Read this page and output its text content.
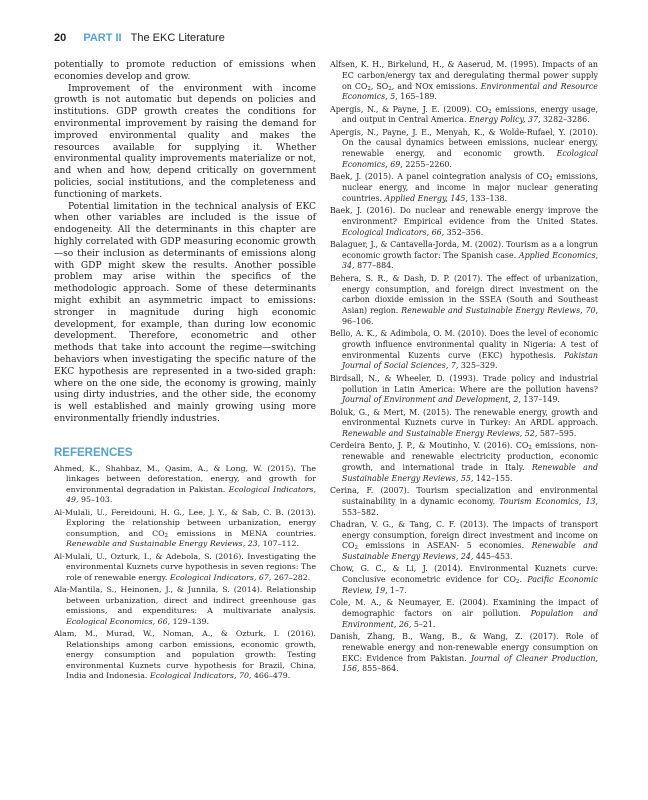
20 PART II The EKC Literature

potentially to promote reduction of emissions when economies develop and grow.

Improvement of the environment with income growth is not automatic but depends on policies and institutions. GDP growth creates the conditions for environmental improvement by raising the demand for improved environmental quality and makes the resources available for supplying it. Whether environmental quality improvements materialize or not, and when and how, depend critically on government policies, social institutions, and the completeness and functioning of markets.

Potential limitation in the technical analysis of EKC when other variables are included is the issue of endogeneity. All the determinants in this chapter are highly correlated with GDP measuring economic growth—so their inclusion as determinants of emissions along with GDP might skew the results. Another possible problem may arise within the specifics of the methodologic approach. Some of these determinants might exhibit an asymmetric impact to emissions: stronger in magnitude during high economic development, for example, than during low economic development. Therefore, econometric and other methods that take into account the regime—switching behaviors when investigating the specific nature of the EKC hypothesis are represented in a two-sided graph: where on the one side, the economy is growing, mainly using dirty industries, and the other side, the economy is well established and mainly growing using more environmentally friendly industries.

REFERENCES
Ahmed, K., Shahbaz, M., Qasim, A., & Long, W. (2015). The linkages between deforestation, energy, and growth for environmental degradation in Pakistan. Ecological Indicators, 49, 95–103.
Al-Mulali, U., Fereidouni, H. G., Lee, J. Y., & Sab, C. B. (2013). Exploring the relationship between urbanization, energy consumption, and $CO_2$ emissions in MENA countries. Renewable and Sustainable Energy Reviews, 23, 107–112.
Al-Mulali, U., Ozturk, I., & Adebola, S. (2016). Investigating the environmental Kuznets curve hypothesis in seven regions: The role of renewable energy. Ecological Indicators, 67, 267–282.
Ala-Mantila, S., Heinonen, J., & Junnila, S. (2014). Relationship between urbanization, direct and indirect greenhouse gas emissions, and expenditures: A multivariate analysis. Ecological Economics, 66, 129–139.
Alam, M., Murad, W., Noman, A., & Ozturk, I. (2016). Relationships among carbon emissions, economic growth, energy consumption and population growth: Testing environmental Kuznets curve hypothesis for Brazil, China, India and Indonesia. Ecological Indicators, 70, 466–479.
Alfsen, K. H., Birkelund, H., & Aaserud, M. (1995). Impacts of an EC carbon/energy tax and deregulating thermal power supply on $CO_2$, $SO_2$, and NOx emissions. Environmental and Resource Economics, 5, 165–189.
Apergis, N., & Payne, J. E. (2009). $CO_2$ emissions, energy usage, and output in Central America. Energy Policy, 37, 3282–3286.
Apergis, N., Payne, J. E., Menyah, K., & Wolde-Rufael, Y. (2010). On the causal dynamics between emissions, nuclear energy, renewable energy, and economic growth. Ecological Economics, 69, 2255–2260.
Baek, J. (2015). A panel cointegration analysis of $CO_2$ emissions, nuclear energy, and income in major nuclear generating countries. Applied Energy, 145, 133–138.
Baek, J. (2016). Do nuclear and renewable energy improve the environment? Empirical evidence from the United States. Ecological Indicators, 66, 352–356.
Balaguer, J., & Cantavella-Jorda, M. (2002). Tourism as a a longrun economic growth factor: The Spanish case. Applied Economics, 34, 877–884.
Behera, S. R., & Dash, D. P. (2017). The effect of urbanization, energy consumption, and foreign direct investment on the carbon dioxide emission in the SSEA (South and Southeast Asian) region. Renewable and Sustainable Energy Reviews, 70, 96–106.
Bello, A. K., & Adimbola, O. M. (2010). Does the level of economic growth influence environmental quality in Nigeria: A test of environmental Kuzents curve (EKC) hypothesis. Pakistan Journal of Social Sciences, 7, 325–329.
Birdsall, N., & Wheeler, D. (1993). Trade policy and industrial pollution in Latin America: Where are the pollution havens? Journal of Environment and Development, 2, 137–149.
Boluk, G., & Mert, M. (2015). The renewable energy, growth and environmental Kuznets curve in Turkey: An ARDL approach. Renewable and Sustainable Energy Reviews, 52, 587–595.
Cerdeira Bento, J. P., & Moutinho, V. (2016). $CO_2$ emissions, non-renewable and renewable electricity production, economic growth, and international trade in Italy. Renewable and Sustainable Energy Reviews, 55, 142–155.
Cerina, F. (2007). Tourism specialization and environmental sustainability in a dynamic economy. Tourism Economics, 13, 553–582.
Chadran, V. G., & Tang, C. F. (2013). The impacts of transport energy consumption, foreign direct investment and income on $CO_2$ emissions in ASEAN- 5 economies. Renewable and Sustainable Energy Reviews, 24, 445–453.
Chow, G. C., & Li, J. (2014). Environmental Kuznets curve: Conclusive econometric evidence for $CO_2$. Pacific Economic Review, 19, 1–7.
Cole, M. A., & Neumayer, E. (2004). Examining the impact of demographic factors on air pollution. Population and Environment, 26, 5–21.
Danish, Zhang, B., Wang, B., & Wang, Z. (2017). Role of renewable energy and non-renewable energy consumption on EKC: Evidence from Pakistan. Journal of Cleaner Production, 156, 855–864.
